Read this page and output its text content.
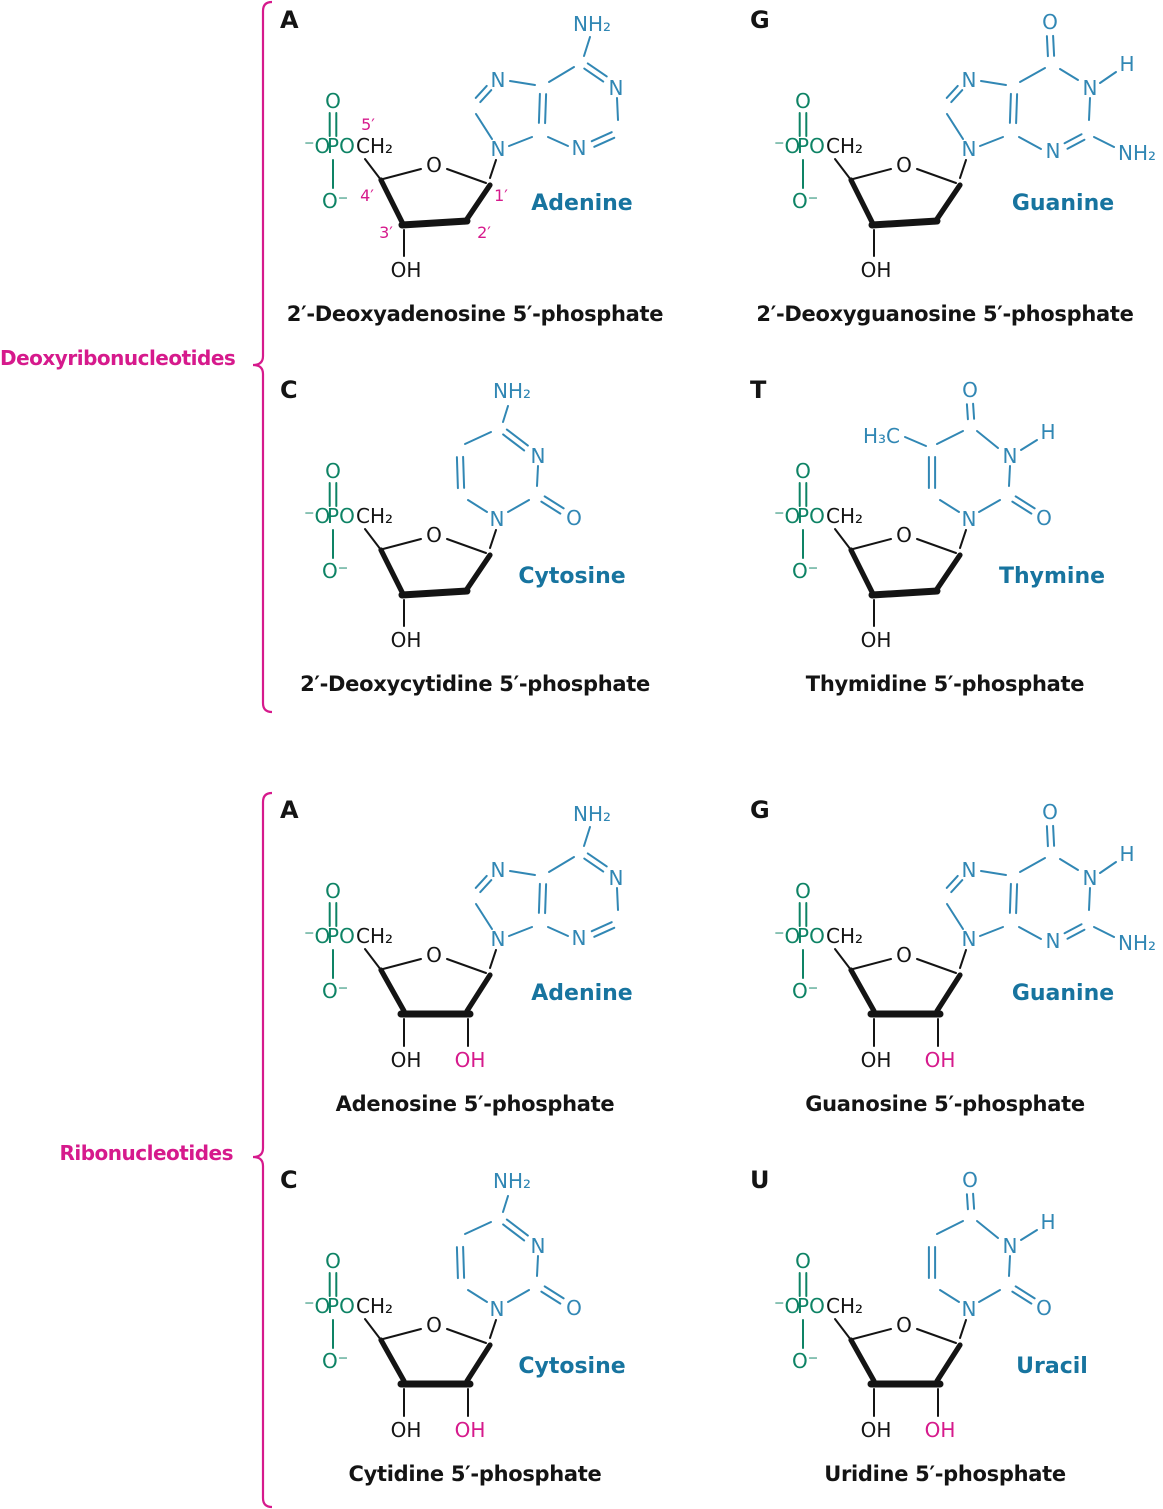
Deoxyribonucleotides
Ribonucleotides
A
O
⁻O
P O CH₂
O⁻
O
OH
5′
4′
3′	2′
1′
N	N
N
N
NH₂
Adenine
2′-Deoxyadenosine 5′-phosphate
G
O
⁻O
P O CH₂
O⁻
O
OH
N	N
H
N
N
O
NH₂
Guanine
2′-Deoxyguanosine 5′-phosphate
C
O
⁻O
P O CH₂
O⁻
O
OH
N
N	O
NH₂
Cytosine
2′-Deoxycytidine 5′-phosphate
T
O
⁻O
P O CH₂
O⁻
O
OH
N
N
O
O
H
H₃C
Thymine
Thymidine 5′-phosphate
A
O
⁻O
P O CH₂
O⁻
O
OH OH
N	N
N
N
NH₂
Adenine
Adenosine 5′-phosphate
G
O
⁻O
P O CH₂
O⁻
O
OH OH
N	N
H
N
N
O
NH₂
Guanine
Guanosine 5′-phosphate
C
O
⁻O
P O CH₂
O⁻
O
OH OH
N
N	O
NH₂
Cytosine
Cytidine 5′-phosphate
U
O
⁻O
P O CH₂
O⁻
O
OH OH
N
N
O
O
H
Uracil
Uridine 5′-phosphate
